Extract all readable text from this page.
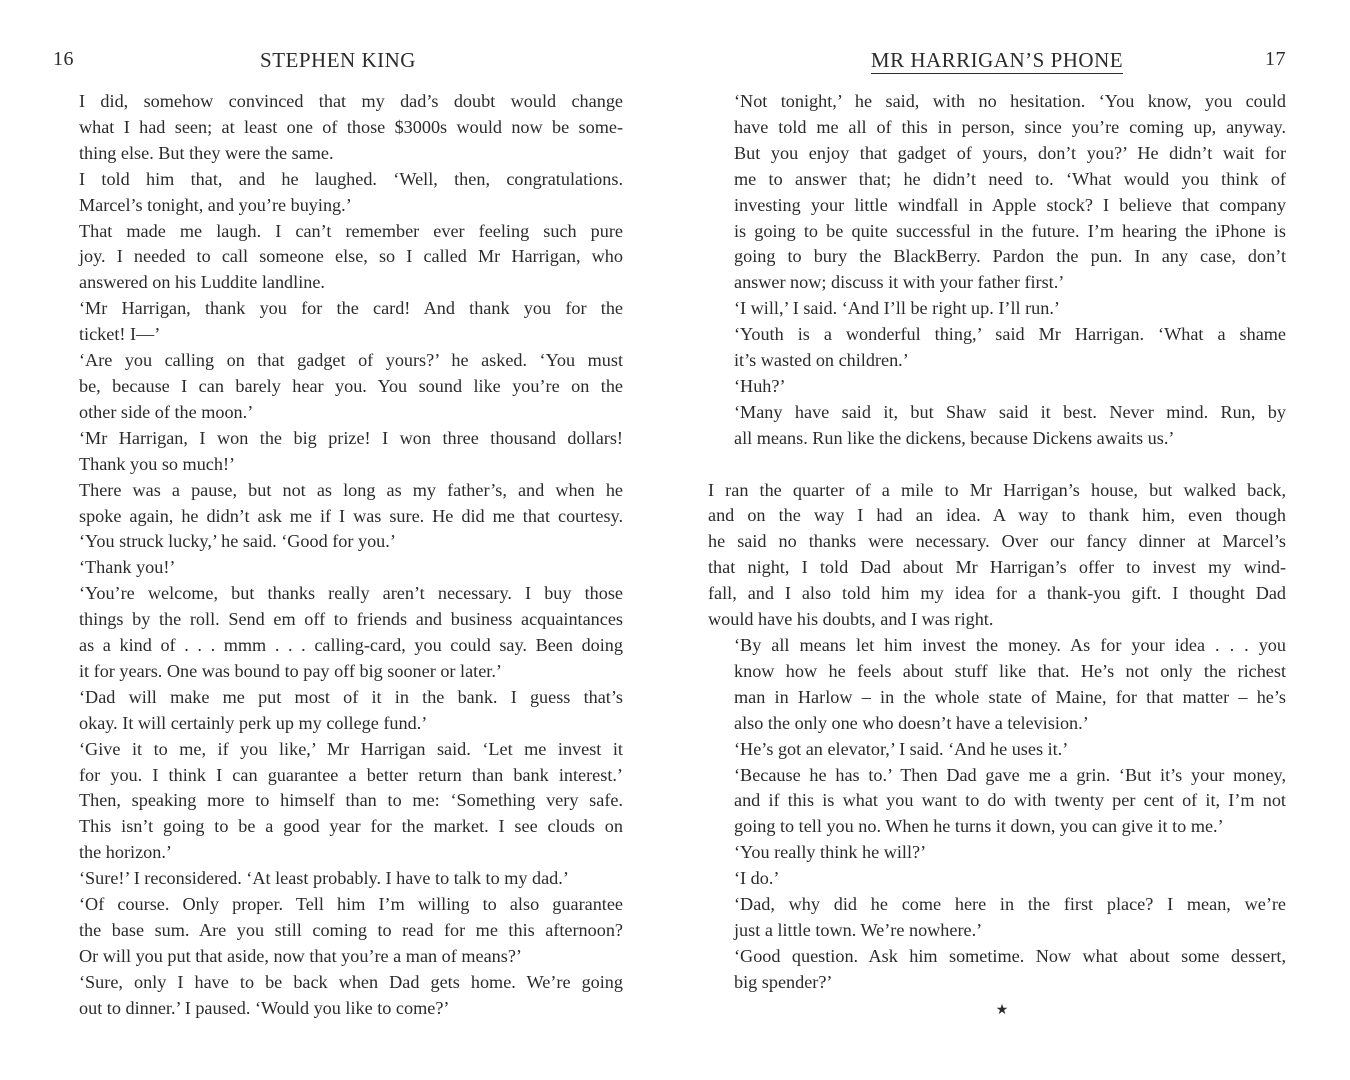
16	STEPHEN KING

I did, somehow convinced that my dad’s doubt would change
what I had seen; at least one of those $3000s would now be some-
thing else. But they were the same.

I told him that, and he laughed. ‘Well, then, congratulations.
Marcel’s tonight, and you’re buying.’

That made me laugh. I can’t remember ever feeling such pure
joy. I needed to call someone else, so I called Mr Harrigan, who
answered on his Luddite landline.

‘Mr Harrigan, thank you for the card! And thank you for the
ticket! I—’

‘Are you calling on that gadget of yours?’ he asked. ‘You must
be, because I can barely hear you. You sound like you’re on the
other side of the moon.’

‘Mr Harrigan, I won the big prize! I won three thousand dollars!
Thank you so much!’

There was a pause, but not as long as my father’s, and when he
spoke again, he didn’t ask me if I was sure. He did me that courtesy.
‘You struck lucky,’ he said. ‘Good for you.’

‘Thank you!’

‘You’re welcome, but thanks really aren’t necessary. I buy those
things by the roll. Send em off to friends and business acquaintances
as a kind of . . . mmm . . . calling-card, you could say. Been doing
it for years. One was bound to pay off big sooner or later.’

‘Dad will make me put most of it in the bank. I guess that’s
okay. It will certainly perk up my college fund.’

‘Give it to me, if you like,’ Mr Harrigan said. ‘Let me invest it
for you. I think I can guarantee a better return than bank interest.’
Then, speaking more to himself than to me: ‘Something very safe.
This isn’t going to be a good year for the market. I see clouds on
the horizon.’

‘Sure!’ I reconsidered. ‘At least probably. I have to talk to my dad.’

‘Of course. Only proper. Tell him I’m willing to also guarantee
the base sum. Are you still coming to read for me this afternoon?
Or will you put that aside, now that you’re a man of means?’

‘Sure, only I have to be back when Dad gets home. We’re going
out to dinner.’ I paused. ‘Would you like to come?’

MR HARRIGAN’S PHONE	17

‘Not tonight,’ he said, with no hesitation. ‘You know, you could
have told me all of this in person, since you’re coming up, anyway.
But you enjoy that gadget of yours, don’t you?’ He didn’t wait for
me to answer that; he didn’t need to. ‘What would you think of
investing your little windfall in Apple stock? I believe that company
is going to be quite successful in the future. I’m hearing the iPhone is
going to bury the BlackBerry. Pardon the pun. In any case, don’t
answer now; discuss it with your father first.’

‘I will,’ I said. ‘And I’ll be right up. I’ll run.’

‘Youth is a wonderful thing,’ said Mr Harrigan. ‘What a shame
it’s wasted on children.’

‘Huh?’

‘Many have said it, but Shaw said it best. Never mind. Run, by
all means. Run like the dickens, because Dickens awaits us.’

I ran the quarter of a mile to Mr Harrigan’s house, but walked back,
and on the way I had an idea. A way to thank him, even though
he said no thanks were necessary. Over our fancy dinner at Marcel’s
that night, I told Dad about Mr Harrigan’s offer to invest my wind-
fall, and I also told him my idea for a thank-you gift. I thought Dad
would have his doubts, and I was right.

‘By all means let him invest the money. As for your idea . . . you
know how he feels about stuff like that. He’s not only the richest
man in Harlow – in the whole state of Maine, for that matter – he’s
also the only one who doesn’t have a television.’

‘He’s got an elevator,’ I said. ‘And he uses it.’

‘Because he has to.’ Then Dad gave me a grin. ‘But it’s your money,
and if this is what you want to do with twenty per cent of it, I’m not
going to tell you no. When he turns it down, you can give it to me.’

‘You really think he will?’

‘I do.’

‘Dad, why did he come here in the first place? I mean, we’re
just a little town. We’re nowhere.’

‘Good question. Ask him sometime. Now what about some dessert,
big spender?’

★
